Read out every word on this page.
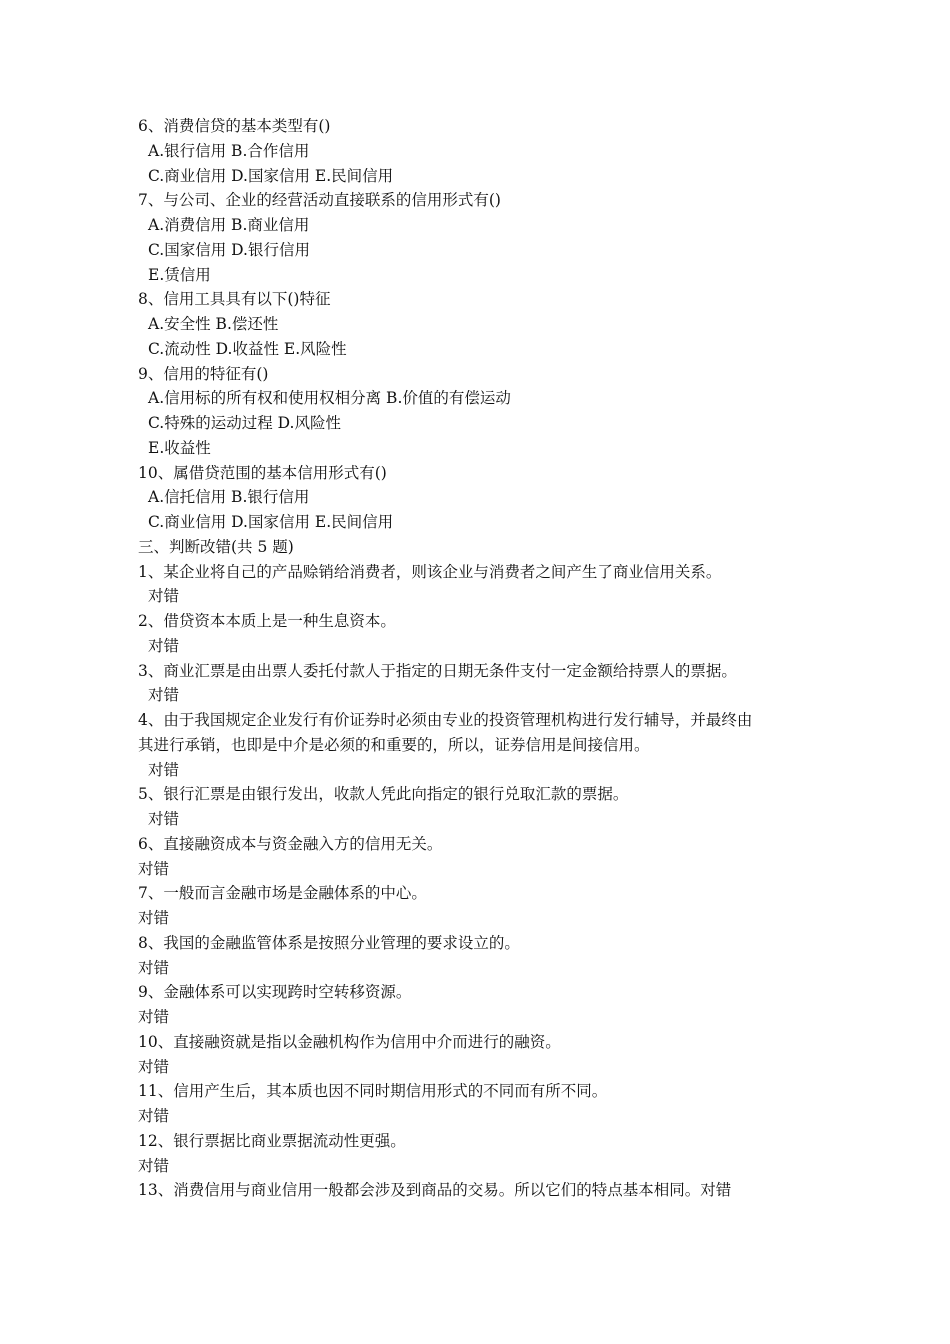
6、消费信贷的基本类型有()
A.银行信用 B.合作信用
C.商业信用 D.国家信用 E.民间信用
7、与公司、企业的经营活动直接联系的信用形式有()
A.消费信用 B.商业信用
C.国家信用 D.银行信用
E.赁信用
8、信用工具具有以下()特征
A.安全性 B.偿还性
C.流动性 D.收益性 E.风险性
9、信用的特征有()
A.信用标的所有权和使用权相分离 B.价值的有偿运动
C.特殊的运动过程 D.风险性
E.收益性
10、属借贷范围的基本信用形式有()
A.信托信用 B.银行信用
C.商业信用 D.国家信用 E.民间信用
三、判断改错(共 5 题)
1、某企业将自己的产品赊销给消费者，则该企业与消费者之间产生了商业信用关系。
对错
2、借贷资本本质上是一种生息资本。
对错
3、商业汇票是由出票人委托付款人于指定的日期无条件支付一定金额给持票人的票据。
对错
4、由于我国规定企业发行有价证券时必须由专业的投资管理机构进行发行辅导，并最终由
其进行承销，也即是中介是必须的和重要的，所以，证券信用是间接信用。
对错
5、银行汇票是由银行发出，收款人凭此向指定的银行兑取汇款的票据。
对错
6、直接融资成本与资金融入方的信用无关。
对错
7、一般而言金融市场是金融体系的中心。
对错
8、我国的金融监管体系是按照分业管理的要求设立的。
对错
9、金融体系可以实现跨时空转移资源。
对错
10、直接融资就是指以金融机构作为信用中介而进行的融资。
对错
11、信用产生后，其本质也因不同时期信用形式的不同而有所不同。
对错
12、银行票据比商业票据流动性更强。
对错
13、消费信用与商业信用一般都会涉及到商品的交易。所以它们的特点基本相同。对错
